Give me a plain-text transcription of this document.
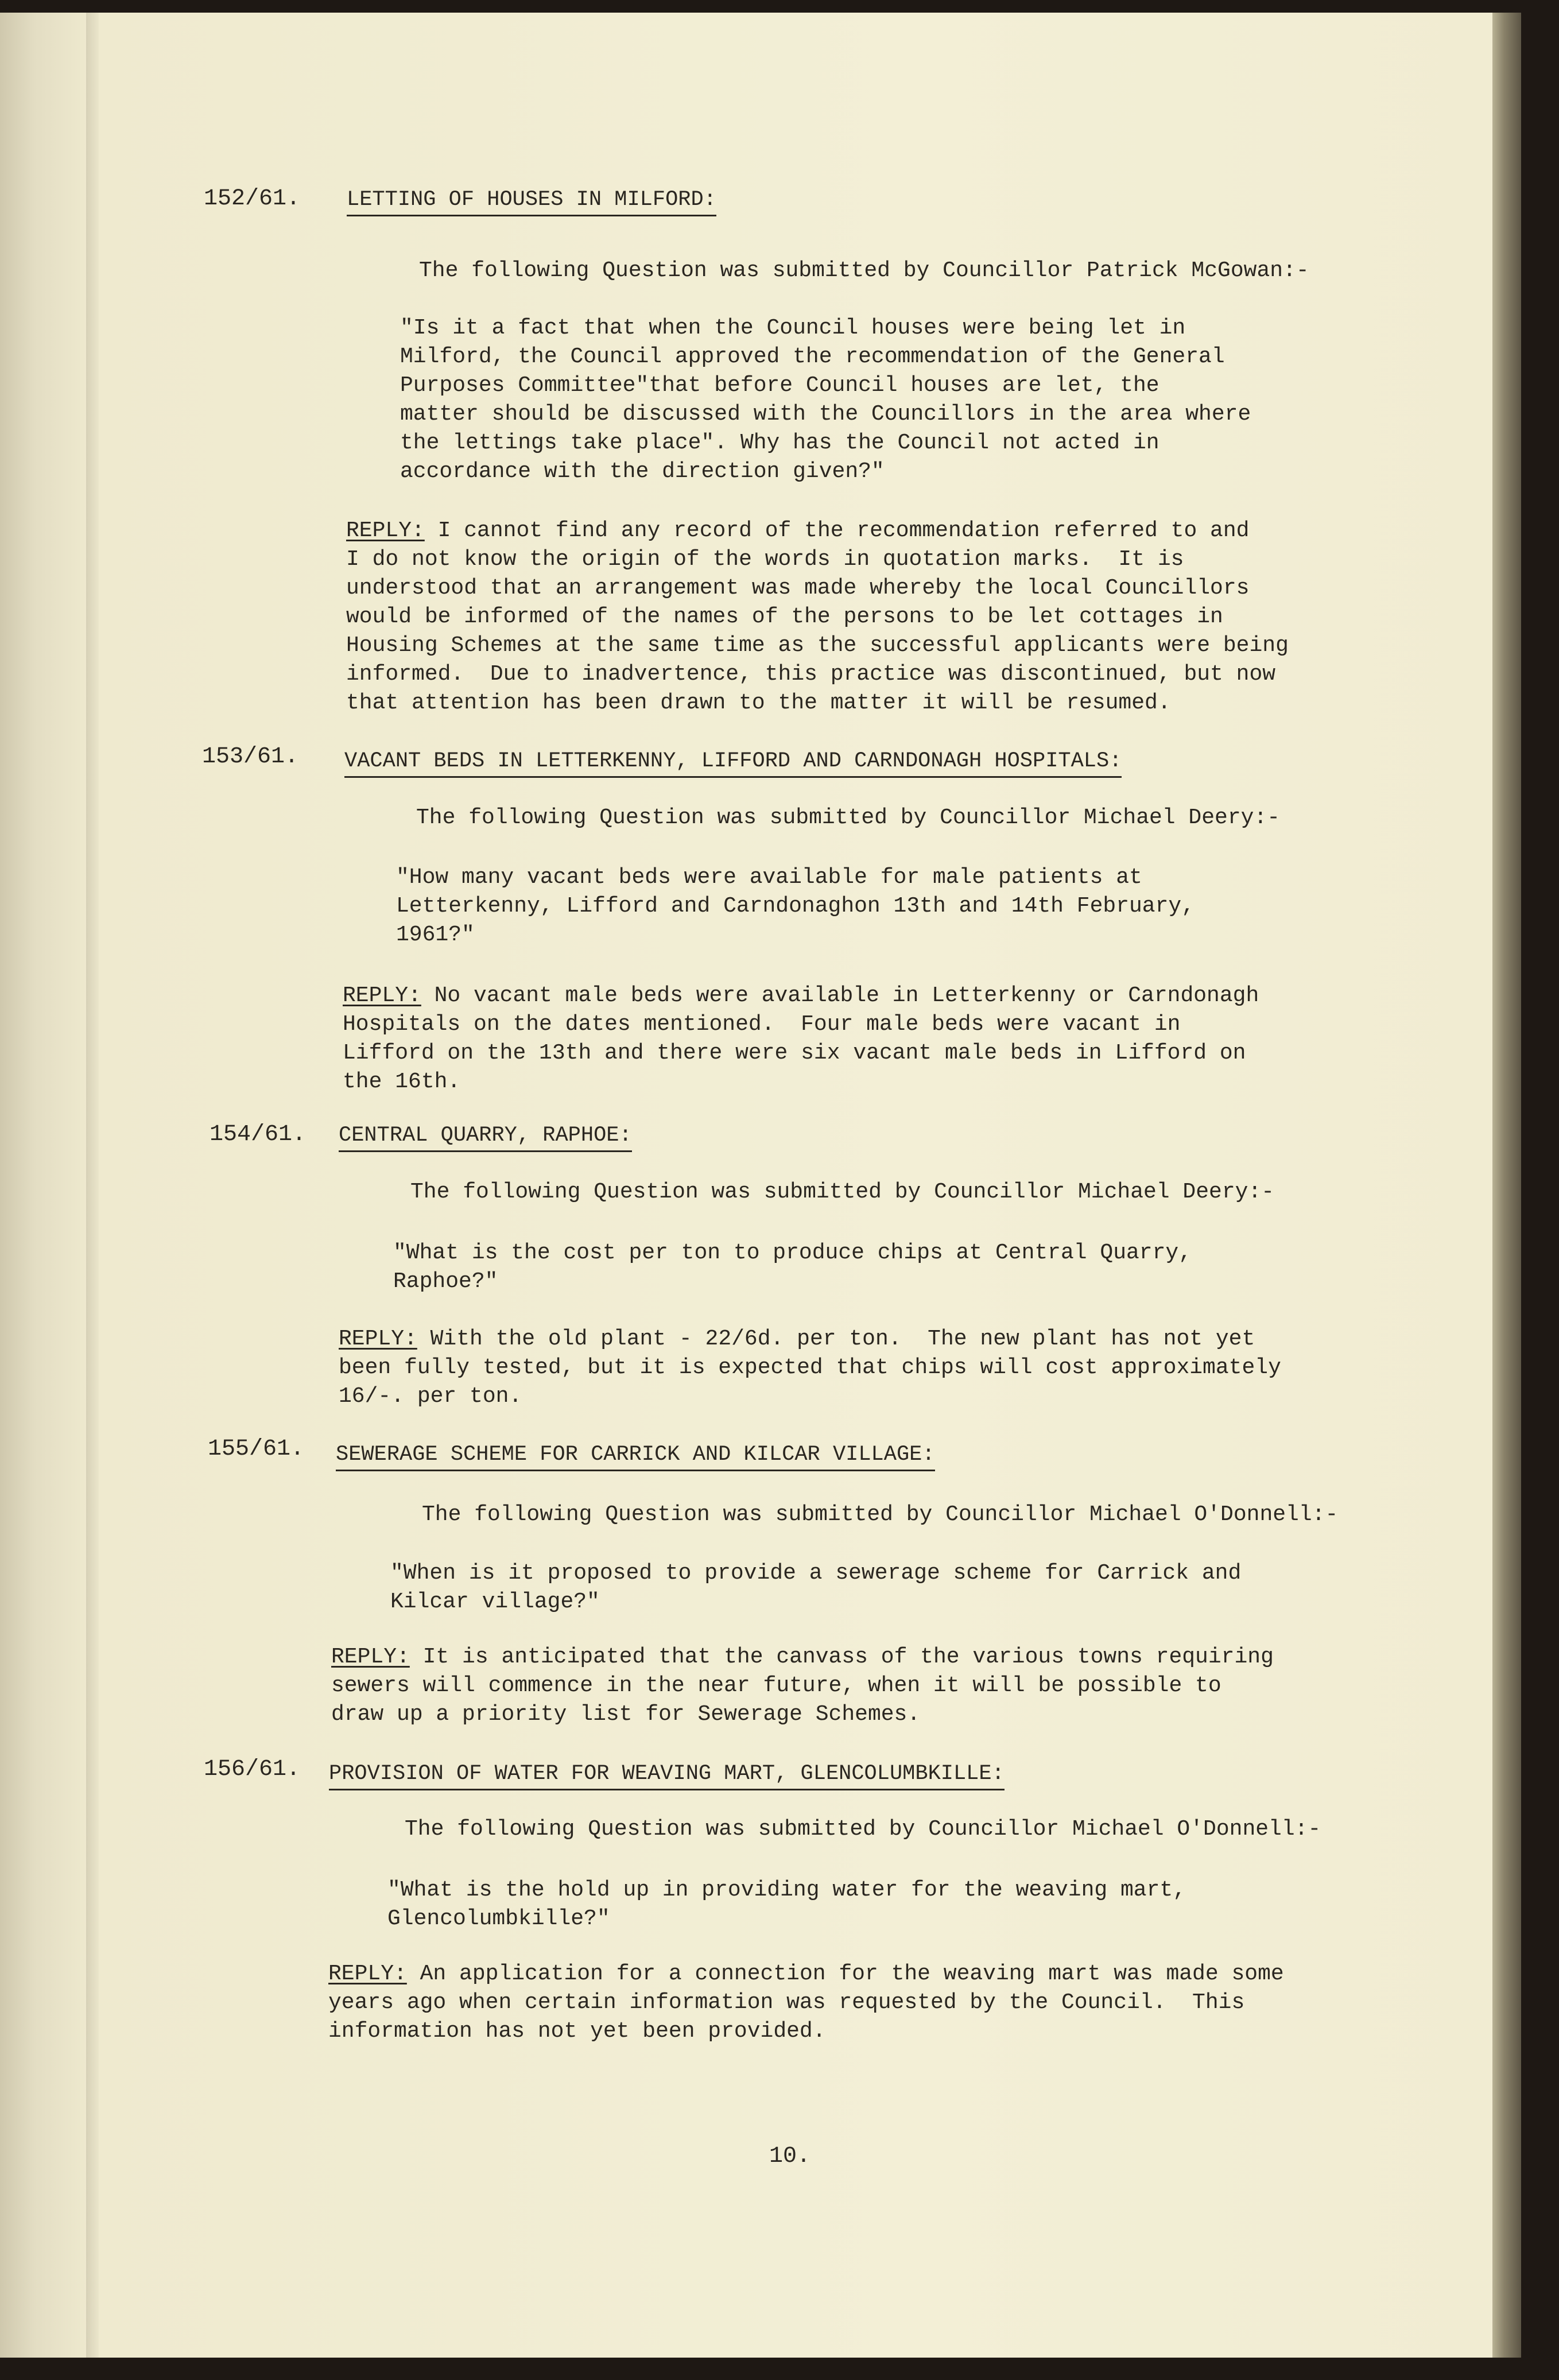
152/61. LETTING OF HOUSES IN MILFORD:
The following Question was submitted by Councillor Patrick McGowan:-
"Is it a fact that when the Council houses were being let in
Milford, the Council approved the recommendation of the General
Purposes Committee"that before Council houses are let, the
matter should be discussed with the Councillors in the area where
the lettings take place". Why has the Council not acted in
accordance with the direction given?"
REPLY: I cannot find any record of the recommendation referred to and
I do not know the origin of the words in quotation marks.  It is
understood that an arrangement was made whereby the local Councillors
would be informed of the names of the persons to be let cottages in
Housing Schemes at the same time as the successful applicants were being
informed.  Due to inadvertence, this practice was discontinued, but now
that attention has been drawn to the matter it will be resumed.
153/61. VACANT BEDS IN LETTERKENNY, LIFFORD AND CARNDONAGH HOSPITALS:
The following Question was submitted by Councillor Michael Deery:-
"How many vacant beds were available for male patients at
Letterkenny, Lifford and Carndonaghon 13th and 14th February,
1961?"
REPLY: No vacant male beds were available in Letterkenny or Carndonagh
Hospitals on the dates mentioned.  Four male beds were vacant in
Lifford on the 13th and there were six vacant male beds in Lifford on
the 16th.
154/61. CENTRAL QUARRY, RAPHOE:
The following Question was submitted by Councillor Michael Deery:-
"What is the cost per ton to produce chips at Central Quarry,
Raphoe?"
REPLY: With the old plant - 22/6d. per ton.  The new plant has not yet
been fully tested, but it is expected that chips will cost approximately
16/-. per ton.
155/61. SEWERAGE SCHEME FOR CARRICK AND KILCAR VILLAGE:
The following Question was submitted by Councillor Michael O'Donnell:-
"When is it proposed to provide a sewerage scheme for Carrick and
Kilcar village?"
REPLY: It is anticipated that the canvass of the various towns requiring
sewers will commence in the near future, when it will be possible to
draw up a priority list for Sewerage Schemes.
156/61. PROVISION OF WATER FOR WEAVING MART, GLENCOLUMBKILLE:
The following Question was submitted by Councillor Michael O'Donnell:-
"What is the hold up in providing water for the weaving mart,
Glencolumbkille?"
REPLY: An application for a connection for the weaving mart was made some
years ago when certain information was requested by the Council.  This
information has not yet been provided.
10.
